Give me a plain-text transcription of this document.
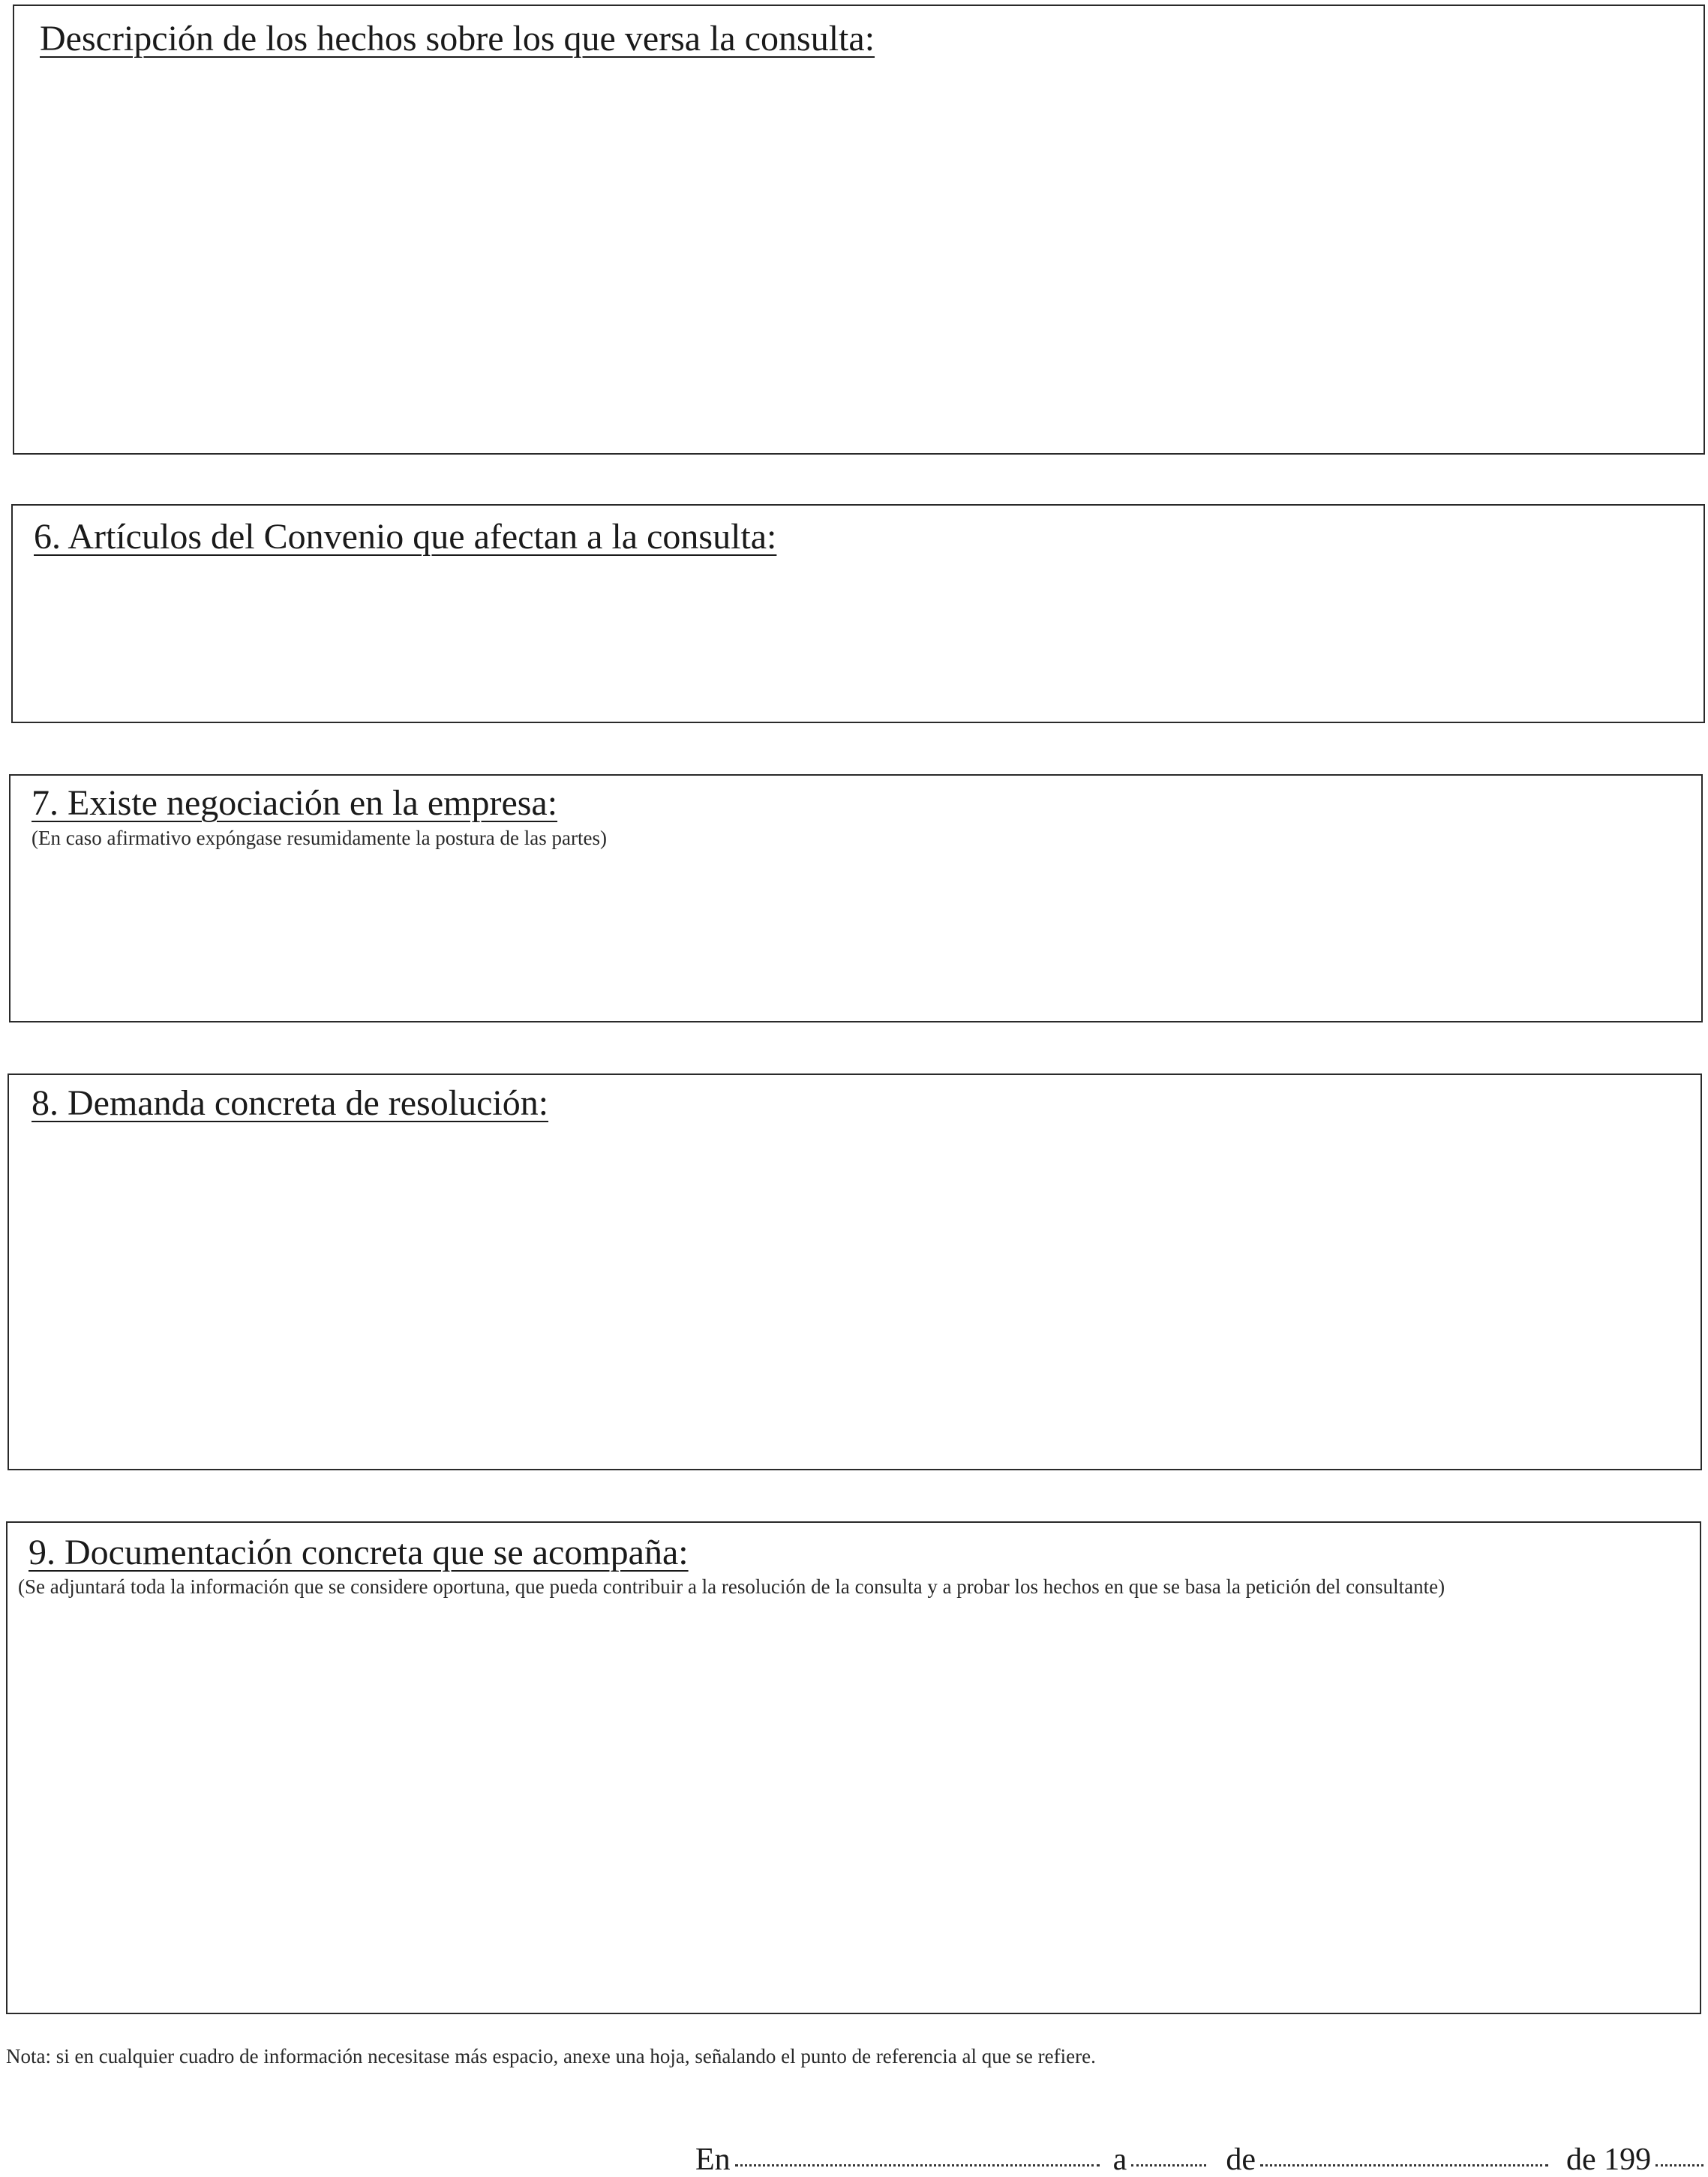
Descripción de los hechos sobre los que versa la consulta:
6. Artículos del Convenio que afectan a la consulta:
7. Existe negociación en la empresa:
(En caso afirmativo expóngase resumidamente la postura de las partes)
8. Demanda concreta de resolución:
9. Documentación concreta que se acompaña:
(Se adjuntará toda la información que se considere oportuna, que pueda contribuir a la resolución de la consulta y a probar los hechos en que se basa la petición del consultante)
Nota: si en cualquier cuadro de información necesitase más espacio, anexe una hoja, señalando el punto de referencia al que se refiere.
En	a	de	de 199
